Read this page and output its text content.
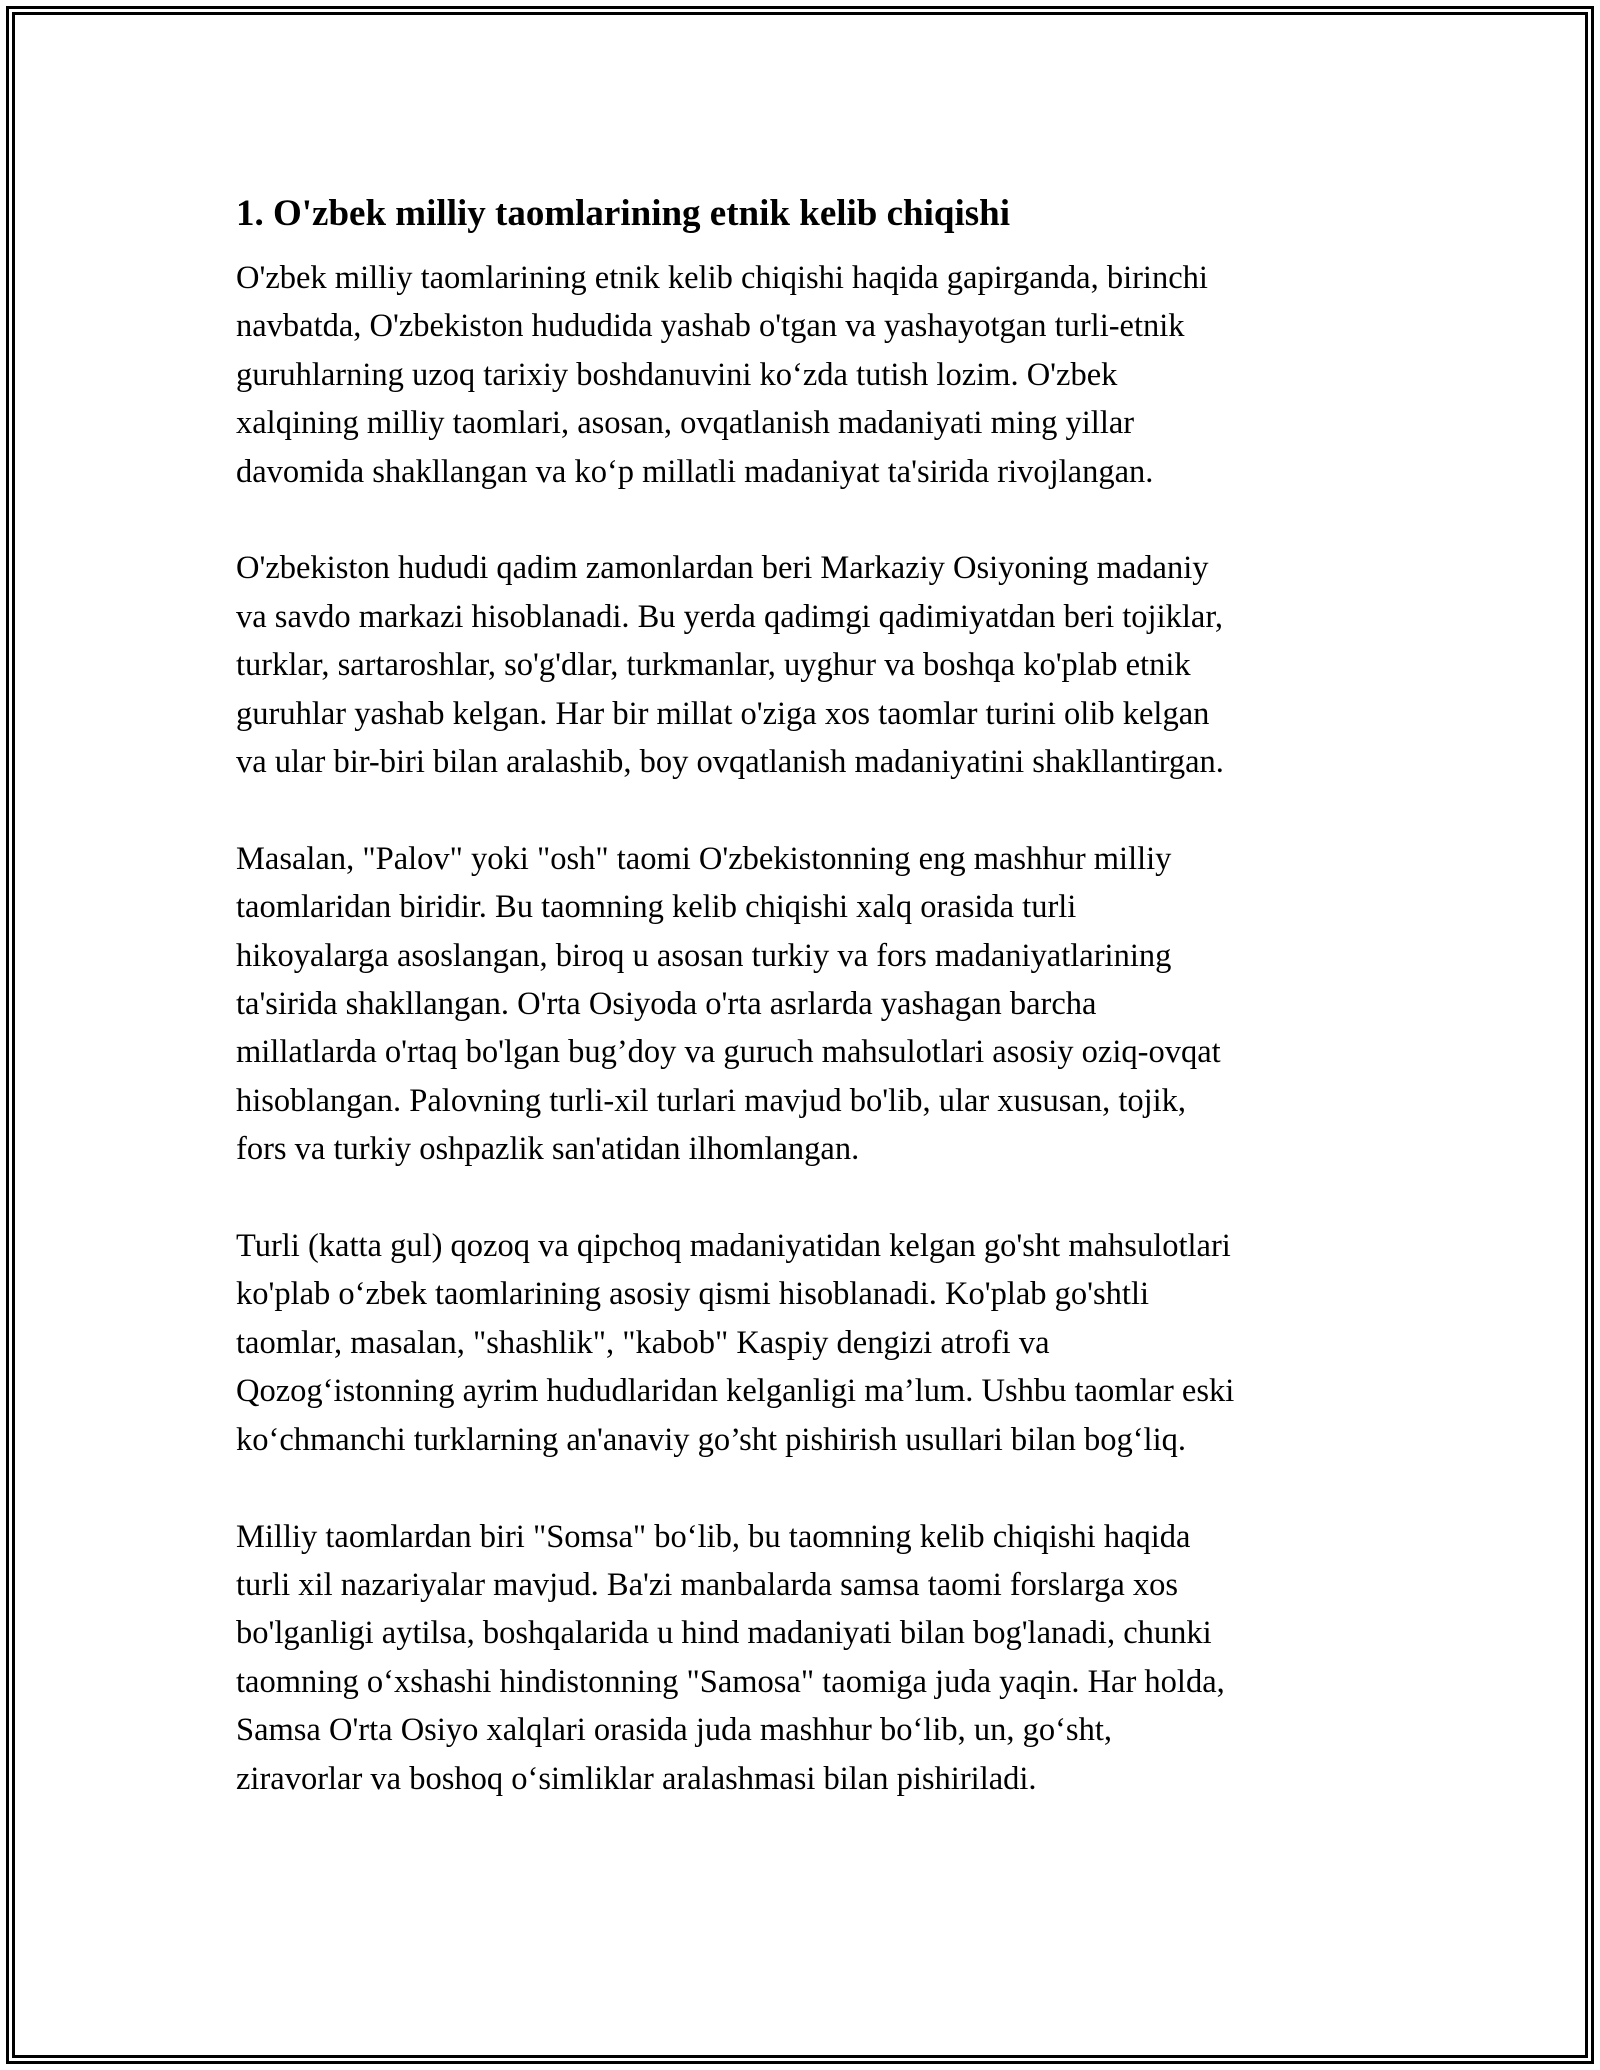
1. O'zbek milliy taomlarining etnik kelib chiqishi

O'zbek milliy taomlarining etnik kelib chiqishi haqida gapirganda, birinchi
navbatda, O'zbekiston hududida yashab o'tgan va yashayotgan turli-etnik
guruhlarning uzoq tarixiy boshdanuvini ko‘zda tutish lozim. O'zbek
xalqining milliy taomlari, asosan, ovqatlanish madaniyati ming yillar
davomida shakllangan va ko‘p millatli madaniyat ta'sirida rivojlangan.

O'zbekiston hududi qadim zamonlardan beri Markaziy Osiyoning madaniy
va savdo markazi hisoblanadi. Bu yerda qadimgi qadimiyatdan beri tojiklar,
turklar, sartaroshlar, so'g'dlar, turkmanlar, uyghur va boshqa ko'plab etnik
guruhlar yashab kelgan. Har bir millat o'ziga xos taomlar turini olib kelgan
va ular bir-biri bilan aralashib, boy ovqatlanish madaniyatini shakllantirgan.

Masalan, "Palov" yoki "osh" taomi O'zbekistonning eng mashhur milliy
taomlaridan biridir. Bu taomning kelib chiqishi xalq orasida turli
hikoyalarga asoslangan, biroq u asosan turkiy va fors madaniyatlarining
ta'sirida shakllangan. O'rta Osiyoda o'rta asrlarda yashagan barcha
millatlarda o'rtaq bo'lgan bug’doy va guruch mahsulotlari asosiy oziq-ovqat
hisoblangan. Palovning turli-xil turlari mavjud bo'lib, ular xususan, tojik,
fors va turkiy oshpazlik san'atidan ilhomlangan.

Turli (katta gul) qozoq va qipchoq madaniyatidan kelgan go'sht mahsulotlari
ko'plab o‘zbek taomlarining asosiy qismi hisoblanadi. Ko'plab go'shtli
taomlar, masalan, "shashlik", "kabob" Kaspiy dengizi atrofi va
Qozog‘istonning ayrim hududlaridan kelganligi ma’lum. Ushbu taomlar eski
ko‘chmanchi turklarning an'anaviy go’sht pishirish usullari bilan bog‘liq.

Milliy taomlardan biri "Somsa" bo‘lib, bu taomning kelib chiqishi haqida
turli xil nazariyalar mavjud. Ba'zi manbalarda samsa taomi forslarga xos
bo'lganligi aytilsa, boshqalarida u hind madaniyati bilan bog'lanadi, chunki
taomning o‘xshashi hindistonning "Samosa" taomiga juda yaqin. Har holda,
Samsa O'rta Osiyo xalqlari orasida juda mashhur bo‘lib, un, go‘sht,
ziravorlar va boshoq o‘simliklar aralashmasi bilan pishiriladi.
